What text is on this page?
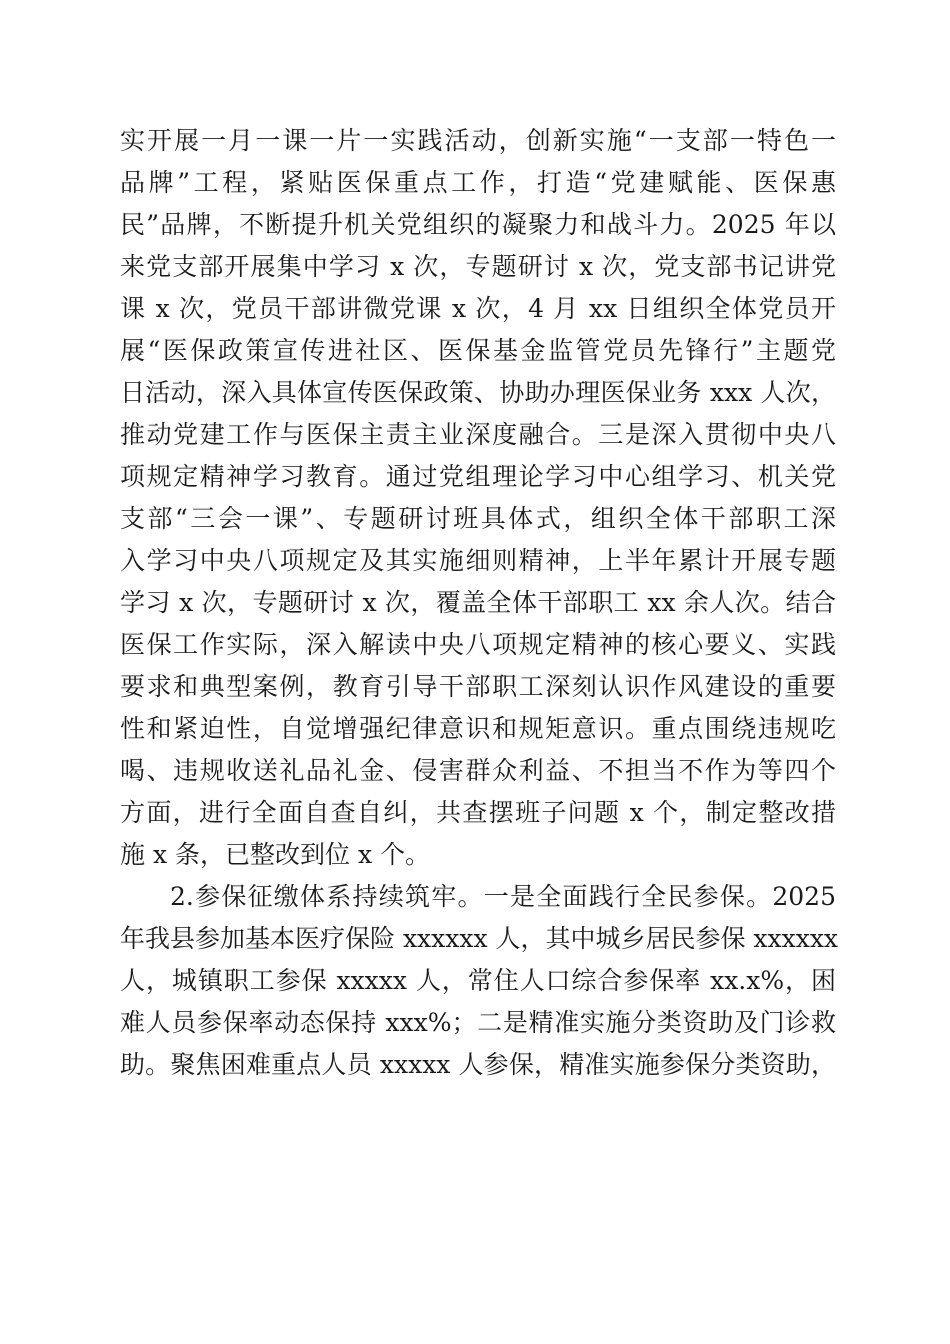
实开展一月一课一片一实践活动，创新实施“一支部一特色一
品牌”工程，紧贴医保重点工作，打造“党建赋能、医保惠
民”品牌，不断提升机关党组织的凝聚力和战斗力。2025 年以
来党支部开展集中学习 x 次，专题研讨 x 次，党支部书记讲党
课 x 次，党员干部讲微党课 x 次，4 月 xx 日组织全体党员开
展“医保政策宣传进社区、医保基金监管党员先锋行”主题党
日活动，深入具体宣传医保政策、协助办理医保业务 xxx 人次，
推动党建工作与医保主责主业深度融合。三是深入贯彻中央八
项规定精神学习教育。通过党组理论学习中心组学习、机关党
支部“三会一课”、专题研讨班具体式，组织全体干部职工深
入学习中央八项规定及其实施细则精神，上半年累计开展专题
学习 x 次，专题研讨 x 次，覆盖全体干部职工 xx 余人次。结合
医保工作实际，深入解读中央八项规定精神的核心要义、实践
要求和典型案例，教育引导干部职工深刻认识作风建设的重要
性和紧迫性，自觉增强纪律意识和规矩意识。重点围绕违规吃
喝、违规收送礼品礼金、侵害群众利益、不担当不作为等四个
方面，进行全面自查自纠，共查摆班子问题 x 个，制定整改措
施 x 条，已整改到位 x 个。
2.参保征缴体系持续筑牢。一是全面践行全民参保。2025
年我县参加基本医疗保险 xxxxxx 人，其中城乡居民参保 xxxxxx
人，城镇职工参保 xxxxx 人，常住人口综合参保率 xx.x%，困
难人员参保率动态保持 xxx%；二是精准实施分类资助及门诊救
助。聚焦困难重点人员 xxxxx 人参保，精准实施参保分类资助，
